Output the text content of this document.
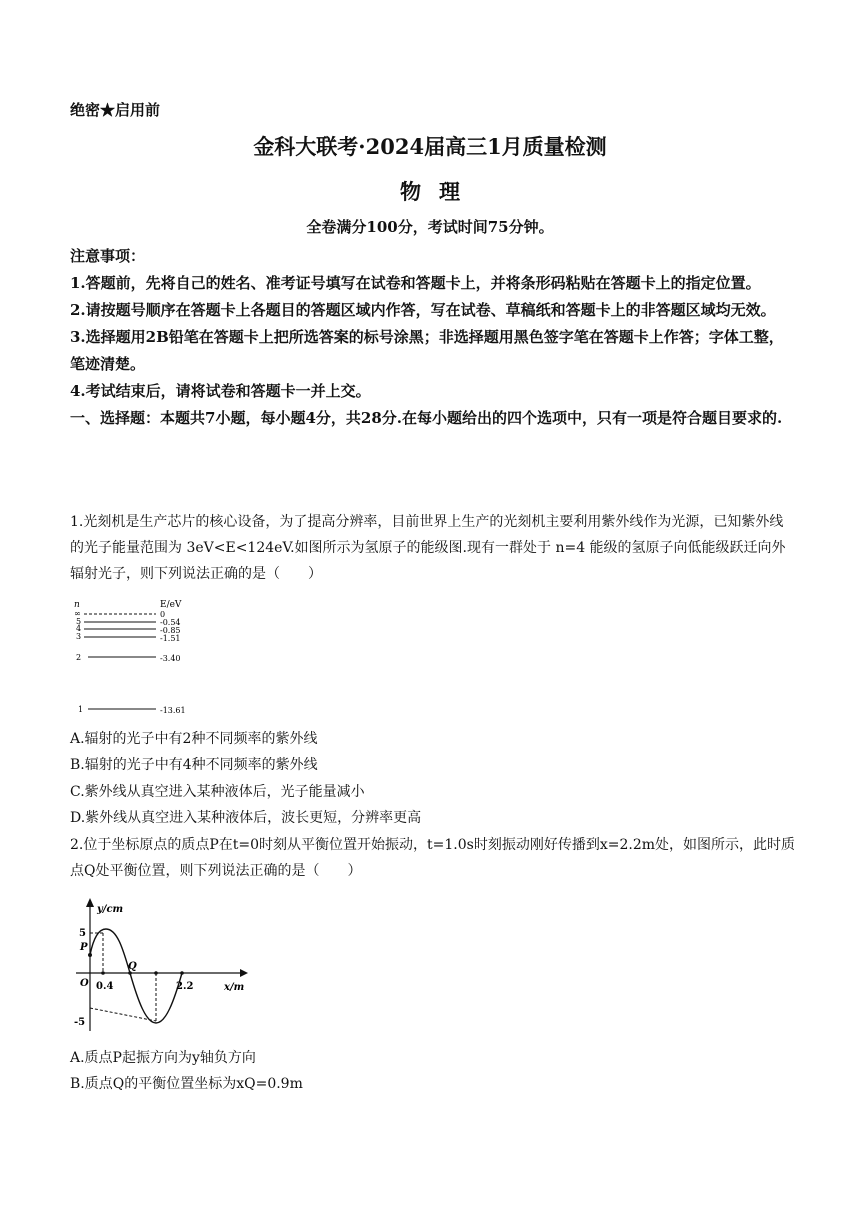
绝密★启用前
金科大联考·2024届高三1月质量检测
物理
全卷满分100分，考试时间75分钟。

注意事项：

1.答题前，先将自己的姓名、准考证号填写在试卷和答题卡上，并将条形码粘贴在答题卡上的指定位置。

2.请按题号顺序在答题卡上各题目的答题区域内作答，写在试卷、草稿纸和答题卡上的非答题区域均无效。

3.选择题用2B铅笔在答题卡上把所选答案的标号涂黑；非选择题用黑色签字笔在答题卡上作答；字体工整，笔迹清楚。

4.考试结束后，请将试卷和答题卡一并上交。

一、选择题：本题共7小题，每小题4分，共28分.在每小题给出的四个选项中，只有一项是符合题目要求的.

1.光刻机是生产芯片的核心设备，为了提高分辨率，目前世界上生产的光刻机主要利用紫外线作为光源，已知紫外线的光子能量范围为 3eV<E<124eV.如图所示为氢原子的能级图.现有一群处于 n=4 能级的氢原子向低能级跃迁向外辐射光子，则下列说法正确的是（　　）

n	E/eV
∞	0
5	-0.54
4	-0.85
3	-1.51
2	-3.40
1	-13.61
A.辐射的光子中有2种不同频率的紫外线
B.辐射的光子中有4种不同频率的紫外线
C.紫外线从真空进入某种液体后，光子能量减小
D.紫外线从真空进入某种液体后，波长更短，分辨率更高

2.位于坐标原点的质点P在t=0时刻从平衡位置开始振动，t=1.0s时刻振动刚好传播到x=2.2m处，如图所示，此时质点Q处平衡位置，则下列说法正确的是（　　）

y/cm
x/m
5
P
O 0.4
Q
2.2
-5
A.质点P起振方向为y轴负方向
B.质点Q的平衡位置坐标为xQ=0.9m
